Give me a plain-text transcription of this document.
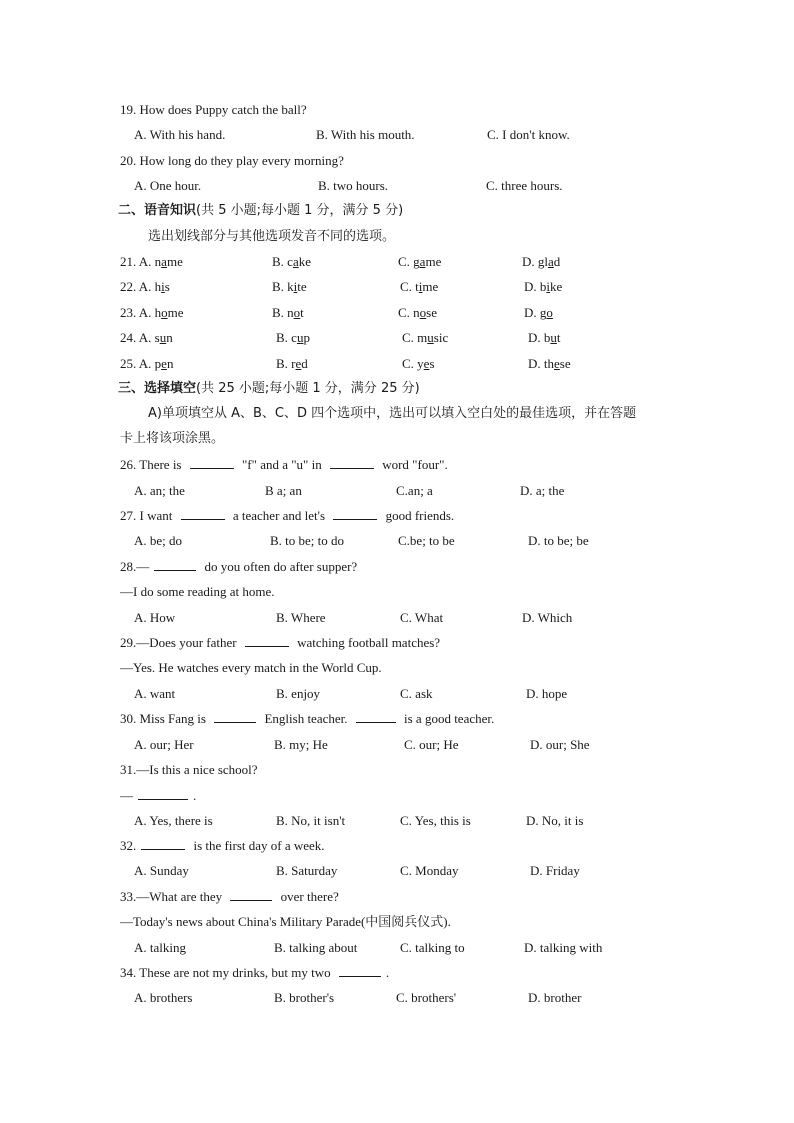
19. How does Puppy catch the ball?
A. With his hand.	B. With his mouth.	C. I don't know.
20. How long do they play every morning?
A. One hour.	B. two hours.	C. three hours.
二、语音知识(共 5 小题;每小题 1 分，满分 5 分)
选出划线部分与其他选项发音不同的选项。
21. A. name	B. cake	C. game	D. glad
22. A. his	B. kite	C. time	D. bike
23. A. home	B. not	C. nose	D. go
24. A. sun	B. cup	C. music	D. but
25. A. pen	B. red	C. yes	D. these
三、选择填空(共 25 小题;每小题 1 分，满分 25 分)
A)单项填空从 A、B、C、D 四个选项中，选出可以填入空白处的最佳选项，并在答题
卡上将该项涂黑。
26. There is	"f" and a "u" in	word "four".
A. an; the	B a; an	C.an; a	D. a; the
27. I want	a teacher and let's	good friends.
A. be; do	B. to be; to do	C.be; to be	D. to be; be
28.—	do you often do after supper?
—I do some reading at home.
A. How	B. Where	C. What	D. Which
29.—Does your father	watching football matches?
—Yes. He watches every match in the World Cup.
A. want	B. enjoy	C. ask	D. hope
30. Miss Fang is	English teacher.	is a good teacher.
A. our; Her	B. my; He	C. our; He	D. our; She
31.—Is this a nice school?
—	.
A. Yes, there is	B. No, it isn't	C. Yes, this is	D. No, it is
32.	is the first day of a week.
A. Sunday	B. Saturday	C. Monday	D. Friday
33.—What are they	over there?
—Today's news about China's Military Parade(中国阅兵仪式).
A. talking	B. talking about	C. talking to	D. talking with
34. These are not my drinks, but my two	.
A. brothers	B. brother's	C. brothers'	D. brother
